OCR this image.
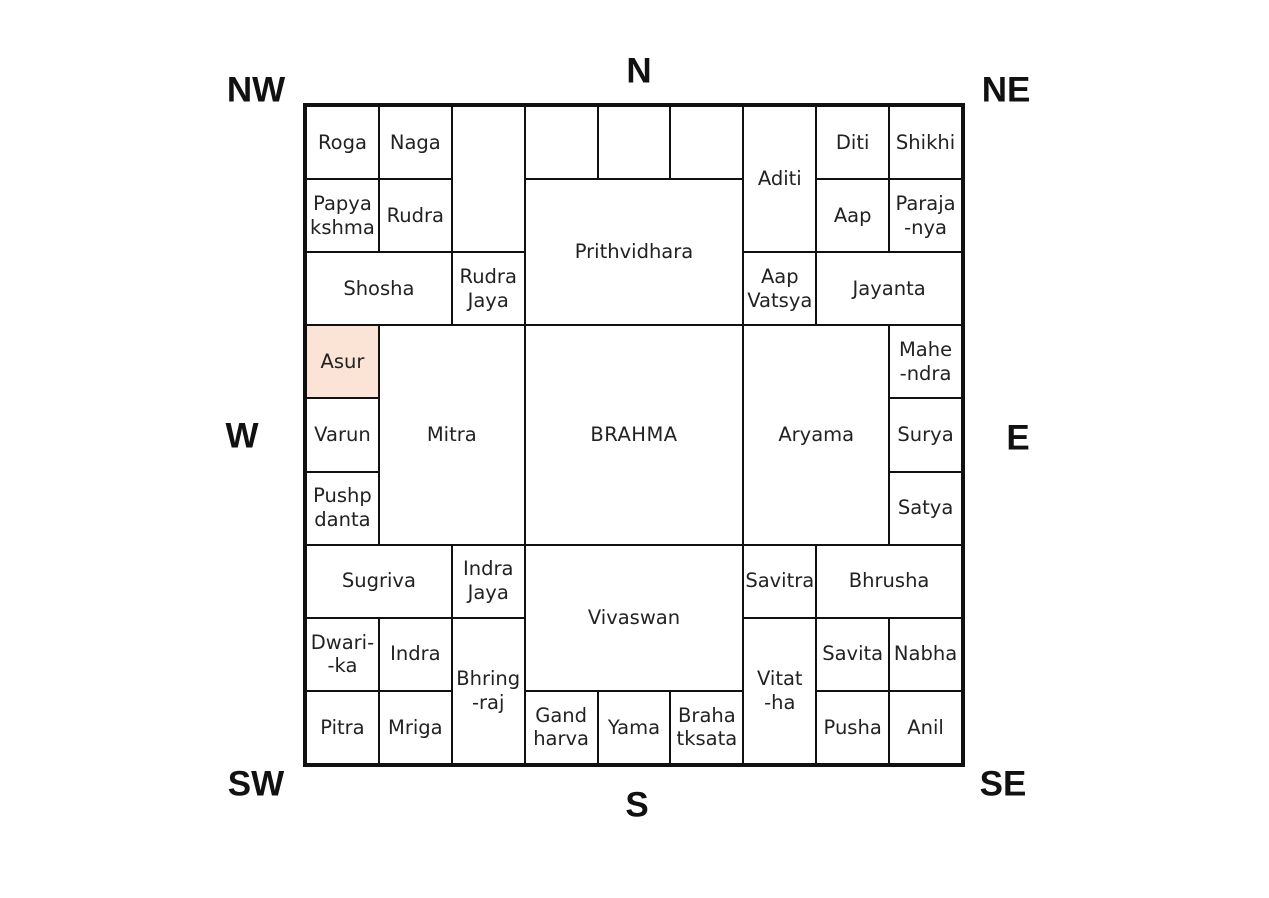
N
S
E
W
NE
NW
SE
SW
Roga	Naga
Aditi
Diti	Shikhi
Papya
kshma
Rudra
Prithvidhara
Aap
Paraja
-nya
Shosha
Rudra
Jaya
Aap
Vatsya
Jayanta
Asur
Mitra	BRAHMA	Aryama
Mahe
-ndra
Varun	Surya
Pushp
danta
Satya
Sugriva
Indra
Jaya
Vivaswan
Savitra	Bhrusha
Dwari-
-ka
Indra
Bhring
-raj
Vitat
-ha
Savita Nabha
Pitra	Mriga
Gand
harva
Yama
Braha
tksata
Pusha	Anil
